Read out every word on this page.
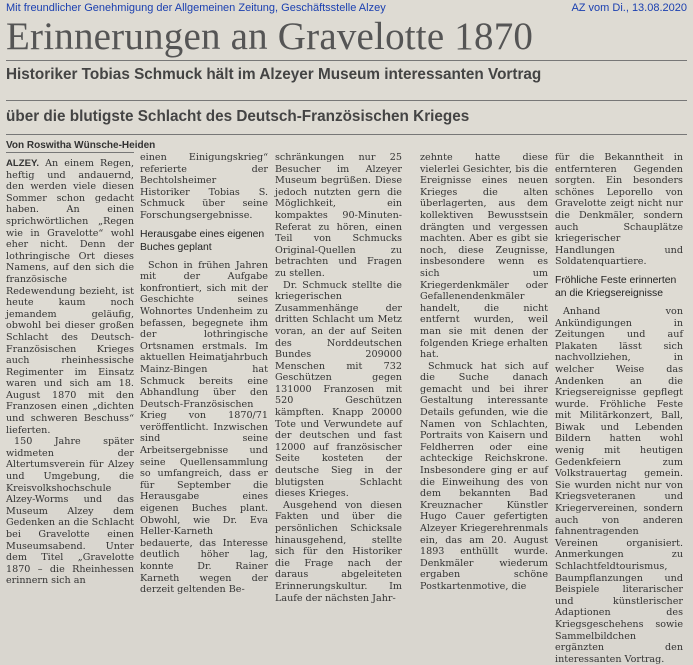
Mit freundlicher Genehmigung der Allgemeinen Zeitung, Geschäftsstelle Alzey	AZ vom Di., 13.08.2020
Erinnerungen an Gravelotte 1870
Historiker Tobias Schmuck hält im Alzeyer Museum interessanten Vortrag
über die blutigste Schlacht des Deutsch-Französischen Krieges
Von Roswitha Wünsche-Heiden

ALZEY. An einem Regen, heftig und andauernd, den werden viele diesen Sommer schon gedacht haben. An einen sprichwörtlichen „Regen wie in Gravelotte“ wohl eher nicht. Denn der lothringische Ort dieses Namens, auf den sich die französische Redewendung bezieht, ist heute kaum noch jemandem geläufig, obwohl bei dieser großen Schlacht des Deutsch-Französischen Krieges auch rheinhessische Regimenter im Einsatz waren und sich am 18. August 1870 mit den Franzosen einen „dichten und schweren Beschuss“ lieferten.

150 Jahre später widmeten der Altertumsverein für Alzey und Umgebung, die Kreisvolkshochschule Alzey-Worms und das Museum Alzey dem Gedenken an die Schlacht bei Gravelotte einen Museumsabend. Unter dem Titel „Gravelotte 1870 – die Rheinhessen erinnern sich an

einen Einigungskrieg“ referierte der Bechtolsheimer Historiker Tobias S. Schmuck über seine Forschungsergebnisse.

Herausgabe eines eigenen Buches geplant

Schon in frühen Jahren mit der Aufgabe konfrontiert, sich mit der Geschichte seines Wohnortes Undenheim zu befassen, begegnete ihm der lothringische Ortsnamen erstmals. Im aktuellen Heimatjahrbuch Mainz-Bingen hat Schmuck bereits eine Abhandlung über den Deutsch-Französischen Krieg von 1870/71 veröffentlicht. Inzwischen sind seine Arbeitsergebnisse und seine Quellensammlung so umfangreich, dass er für September die Herausgabe eines eigenen Buches plant. Obwohl, wie Dr. Eva Heller-Karneth bedauerte, das Interesse deutlich höher lag, konnte Dr. Rainer Karneth wegen der derzeit geltenden Be-

schränkungen nur 25 Besucher im Alzeyer Museum begrüßen. Diese jedoch nutzten gern die Möglichkeit, ein kompaktes 90-Minuten-Referat zu hören, einen Teil von Schmucks Original-Quellen zu betrachten und Fragen zu stellen.

Dr. Schmuck stellte die kriegerischen Zusammenhänge der dritten Schlacht um Metz voran, an der auf Seiten des Norddeutschen Bundes 209000 Menschen mit 732 Geschützen gegen 131000 Franzosen mit 520 Geschützen kämpften. Knapp 20000 Tote und Verwundete auf der deutschen und fast 12000 auf französischer Seite kosteten der deutsche Sieg in der blutigsten Schlacht dieses Krieges.

Ausgehend von diesen Fakten und über die persönlichen Schicksale hinausgehend, stellte sich für den Historiker die Frage nach der daraus abgeleiteten Erinnerungskultur. Im Laufe der nächsten Jahr-

zehnte hatte diese vielerlei Gesichter, bis die Ereignisse eines neuen Krieges die alten überlagerten, aus dem kollektiven Bewusstsein drängten und vergessen machten. Aber es gibt sie noch, diese Zeugnisse, insbesondere wenn es sich um Kriegerdenkmäler oder Gefallenendenkmäler handelt, die nicht entfernt wurden, weil man sie mit denen der folgenden Kriege erhalten hat.

Schmuck hat sich auf die Suche danach gemacht und bei ihrer Gestaltung interessante Details gefunden, wie die Namen von Schlachten, Portraits von Kaisern und Feldherren oder eine achteckige Reichskrone. Insbesondere ging er auf die Einweihung des von dem bekannten Bad Kreuznacher Künstler Hugo Cauer gefertigten Alzeyer Kriegerehrenmals ein, das am 20. August 1893 enthüllt wurde. Denkmäler wiederum ergaben schöne Postkartenmotive, die

für die Bekanntheit in entfernteren Gegenden sorgten. Ein besonders schönes Leporello von Gravelotte zeigt nicht nur die Denkmäler, sondern auch Schauplätze kriegerischer Handlungen und Soldatenquartiere.

Fröhliche Feste erinnerten an die Kriegsereignisse

Anhand von Ankündigungen in Zeitungen und auf Plakaten lässt sich nachvollziehen, in welcher Weise das Andenken an die Kriegsereignisse gepflegt wurde. Fröhliche Feste mit Militärkonzert, Ball, Biwak und Lebenden Bildern hatten wohl wenig mit heutigen Gedenkfeiern zum Volkstrauertag gemein. Sie wurden nicht nur von Kriegsveteranen und Kriegervereinen, sondern auch von anderen fahnentragenden Vereinen organisiert. Anmerkungen zu Schlachtfeldtourismus, Baumpflanzungen und Beispiele literarischer und künstlerischer Adaptionen des Kriegsgeschehens sowie Sammelbildchen ergänzten den interessanten Vortrag.
